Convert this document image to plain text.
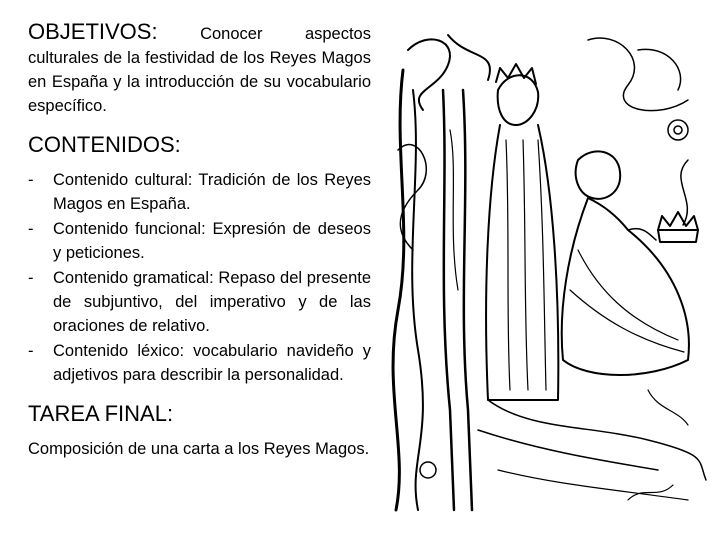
OBJETIVOS:	Conocer	aspectos

culturales de la festividad de los Reyes Magos en España y la introducción de su vocabulario específico.

CONTENIDOS:
-	Contenido cultural: Tradición de los Reyes Magos en España.
-	Contenido funcional: Expresión de deseos y peticiones.
-	Contenido gramatical: Repaso del presente de subjuntivo, del imperativo y de las oraciones de relativo.
-	Contenido léxico: vocabulario navideño y adjetivos para describir la personalidad.
TAREA FINAL:

Composición de una carta a los Reyes Magos.
